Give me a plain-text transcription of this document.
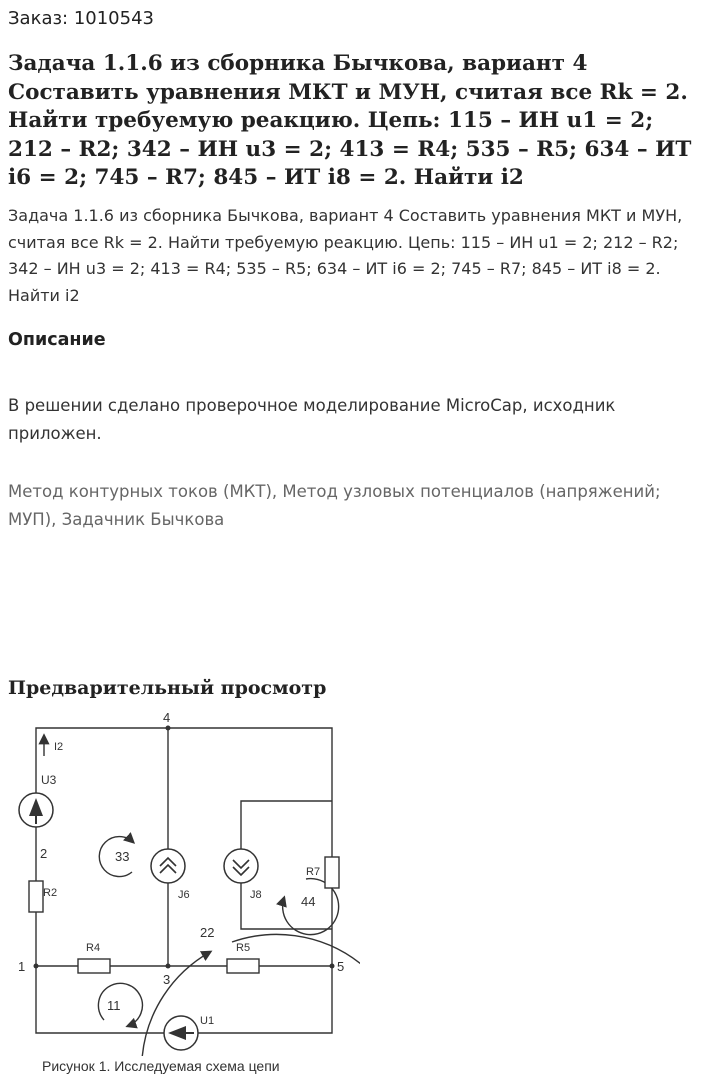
Заказ: 1010543
Задача 1.1.6 из сборника Бычкова, вариант 4 Составить уравнения МКТ и МУН, считая все Rk = 2. Найти требуемую реакцию. Цепь: 115 – ИН u1 = 2; 212 – R2; 342 – ИН u3 = 2; 413 = R4; 535 – R5; 634 – ИТ i6 = 2; 745 – R7; 845 – ИТ i8 = 2. Найти i2

Задача 1.1.6 из сборника Бычкова, вариант 4 Составить уравнения МКТ и МУН, считая все Rk = 2. Найти требуемую реакцию. Цепь: 115 – ИН u1 = 2; 212 – R2; 342 – ИН u3 = 2; 413 = R4; 535 – R5; 634 – ИТ i6 = 2; 745 – R7; 845 – ИТ i8 = 2. Найти i2

Описание

В решении сделано проверочное моделирование MicroCap, исходник приложен.

Метод контурных токов (МКТ), Метод узловых потенциалов (напряжений; МУП), Задачник Бычкова

Предварительный просмотр
U3
R2
R4	R5
R7
J6	J8
U1
1
2
3
4
5
11
22
33
44
I2
Рисунок 1. Исследуемая схема цепи
